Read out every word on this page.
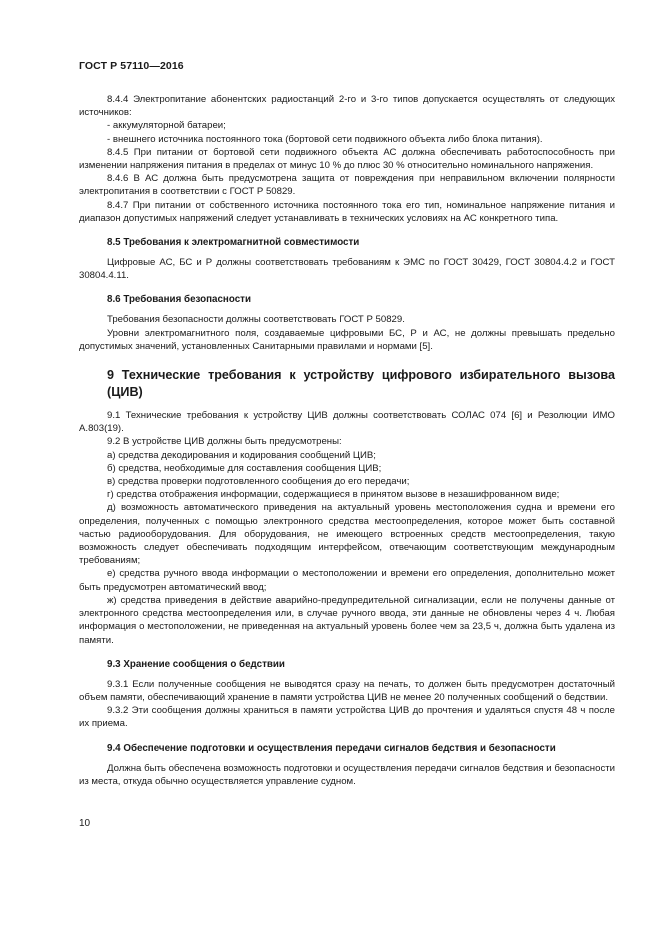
ГОСТ Р 57110—2016

8.4.4 Электропитание абонентских радиостанций 2-го и 3-го типов допускается осуществлять от следующих источников:

- аккумуляторной батареи;

- внешнего источника постоянного тока (бортовой сети подвижного объекта либо блока питания).

8.4.5 При питании от бортовой сети подвижного объекта АС должна обеспечивать работоспособность при изменении напряжения питания в пределах от минус 10 % до плюс 30 % относительно номинального напряжения.

8.4.6 В АС должна быть предусмотрена защита от повреждения при неправильном включении полярности электропитания в соответствии с ГОСТ Р 50829.

8.4.7 При питании от собственного источника постоянного тока его тип, номинальное напряжение питания и диапазон допустимых напряжений следует устанавливать в технических условиях на АС конкретного типа.

8.5 Требования к электромагнитной совместимости

Цифровые АС, БС и Р должны соответствовать требованиям к ЭМС по ГОСТ 30429, ГОСТ 30804.4.2 и ГОСТ 30804.4.11.

8.6 Требования безопасности

Требования безопасности должны соответствовать ГОСТ Р 50829.

Уровни электромагнитного поля, создаваемые цифровыми БС, Р и АС, не должны превышать предельно допустимых значений, установленных Санитарными правилами и нормами [5].

9 Технические требования к устройству цифрового избирательного вызова (ЦИВ)

9.1 Технические требования к устройству ЦИВ должны соответствовать СОЛАС 074 [6] и Резолюции ИМО А.803(19).

9.2 В устройстве ЦИВ должны быть предусмотрены:

а) средства декодирования и кодирования сообщений ЦИВ;

б) средства, необходимые для составления сообщения ЦИВ;

в) средства проверки подготовленного сообщения до его передачи;

г) средства отображения информации, содержащиеся в принятом вызове в незашифрованном виде;

д) возможность автоматического приведения на актуальный уровень местоположения судна и времени его определения, полученных с помощью электронного средства местоопределения, которое может быть составной частью радиооборудования. Для оборудования, не имеющего встроенных средств местоопределения, такую возможность следует обеспечивать подходящим интерфейсом, отвечающим соответствующим международным требованиям;

е) средства ручного ввода информации о местоположении и времени его определения, дополнительно может быть предусмотрен автоматический ввод;

ж) средства приведения в действие аварийно-предупредительной сигнализации, если не получены данные от электронного средства местоопределения или, в случае ручного ввода, эти данные не обновлены через 4 ч. Любая информация о местоположении, не приведенная на актуальный уровень более чем за 23,5 ч, должна быть удалена из памяти.

9.3 Хранение сообщения о бедствии

9.3.1 Если полученные сообщения не выводятся сразу на печать, то должен быть предусмотрен достаточный объем памяти, обеспечивающий хранение в памяти устройства ЦИВ не менее 20 полученных сообщений о бедствии.

9.3.2 Эти сообщения должны храниться в памяти устройства ЦИВ до прочтения и удаляться спустя 48 ч после их приема.

9.4 Обеспечение подготовки и осуществления передачи сигналов бедствия и безопасности

Должна быть обеспечена возможность подготовки и осуществления передачи сигналов бедствия и безопасности из места, откуда обычно осуществляется управление судном.

10
